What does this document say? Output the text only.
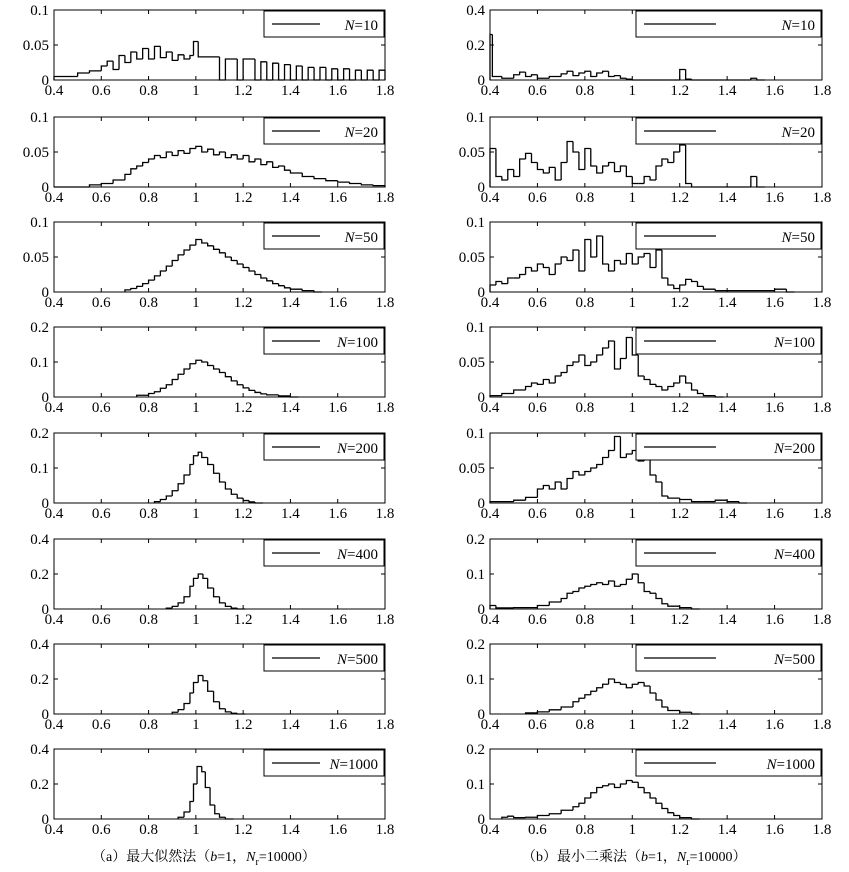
0.4 0.6 0.8 1 1.2 1.4 1.6 1.8
0
0.05
0.1
N=10
0.4 0.6 0.8 1 1.2 1.4 1.6 1.8
0
0.05
0.1
N=20
0.4 0.6 0.8 1 1.2 1.4 1.6 1.8
0
0.05
0.1
N=50
0.4 0.6 0.8 1 1.2 1.4 1.6 1.8
0
0.1
0.2
N=100
0.4 0.6 0.8 1 1.2 1.4 1.6 1.8
0
0.1
0.2
N=200
0.4 0.6 0.8 1 1.2 1.4 1.6 1.8
0
0.2
0.4
N=400
0.4 0.6 0.8 1 1.2 1.4 1.6 1.8
0
0.2
0.4
N=500
0.4 0.6 0.8 1 1.2 1.4 1.6 1.8
0
0.2
0.4
N=1000
0.4 0.6 0.8 1 1.2 1.4 1.6 1.8
0
0.2
0.4
N=10
0.4 0.6 0.8 1 1.2 1.4 1.6 1.8
0
0.05
0.1
N=20
0.4 0.6 0.8 1 1.2 1.4 1.6 1.8
0
0.05
0.1
N=50
0.4 0.6 0.8 1 1.2 1.4 1.6 1.8
0
0.05
0.1
N=100
0.4 0.6 0.8 1 1.2 1.4 1.6 1.8
0
0.05
0.1
N=200
0.4 0.6 0.8 1 1.2 1.4 1.6 1.8
0
0.1
0.2
N=400
0.4 0.6 0.8 1 1.2 1.4 1.6 1.8
0
0.1
0.2
N=500
0.4 0.6 0.8 1 1.2 1.4 1.6 1.8
0
0.1
0.2
N=1000
（a）最大似然法（b=1，$N_r=10000$）	（b）最小二乘法（b=1，$N_r=10000$）
